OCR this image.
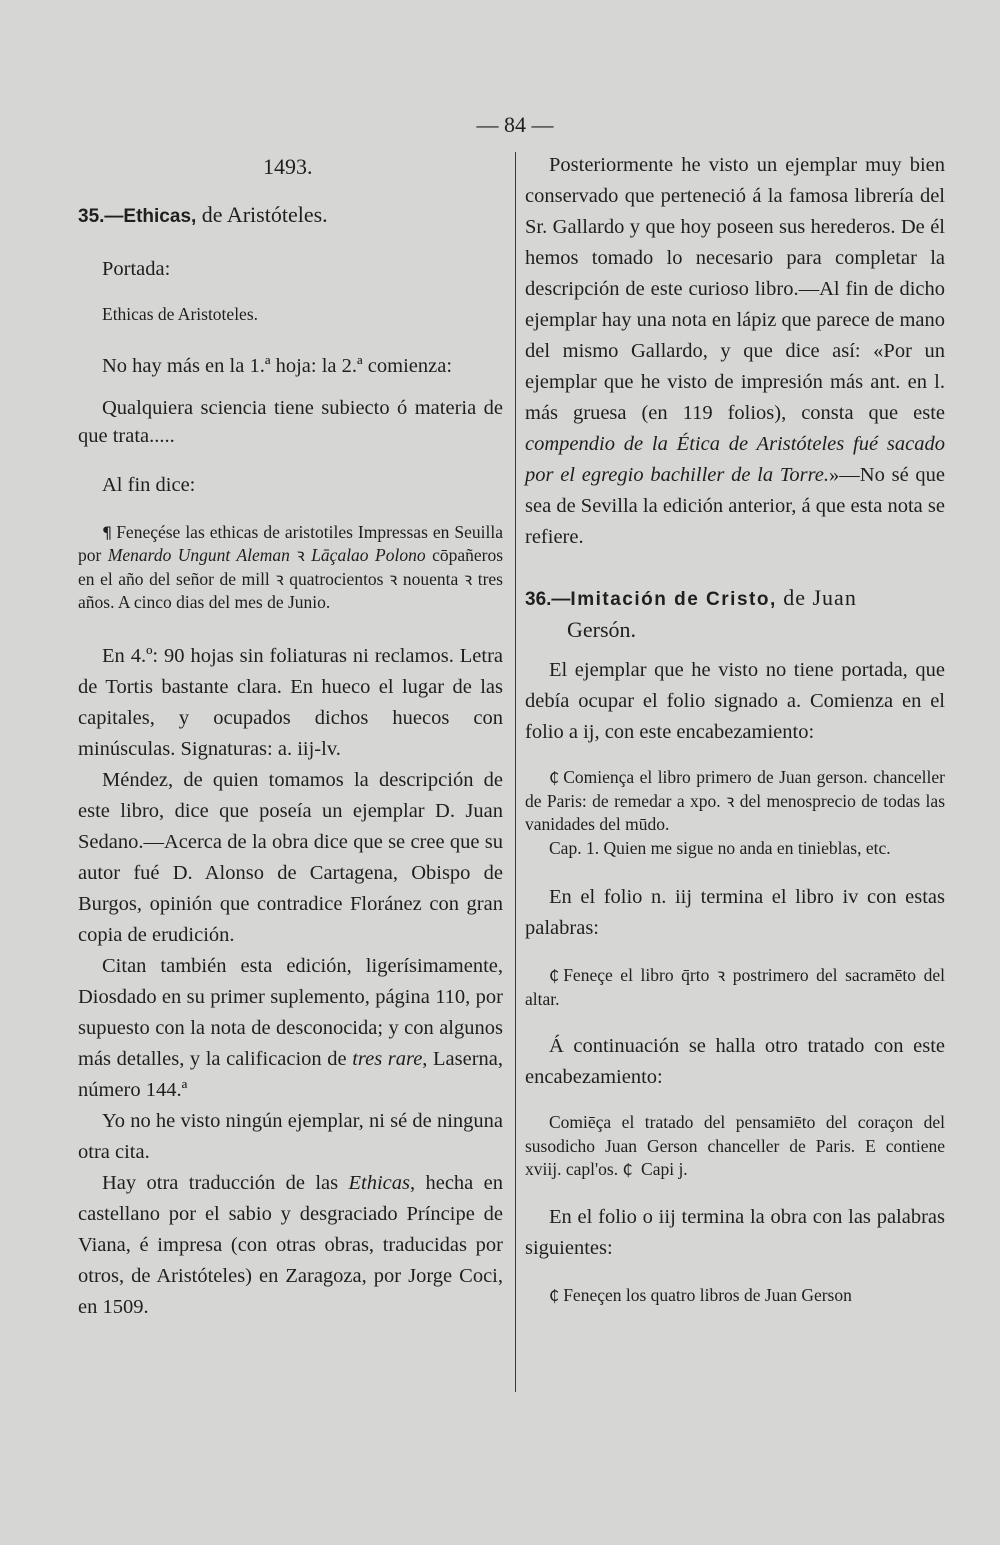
— 84 —
1493.
35.—Ethicas, de Aristóteles.

Portada:

Ethicas de Aristoteles.

No hay más en la 1.ª hoja: la 2.ª comienza:

Qualquiera sciencia tiene subiecto ó materia de que trata.....

Al fin dice:

¶ Feneçése las ethicas de aristotiles Impressas en Seuilla por Menardo Ungunt Aleman ꝛ Lāçalao Polono cōpañeros en el año del señor de mill ꝛ quatrocientos ꝛ nouenta ꝛ tres años. A cinco dias del mes de Junio.

En 4.º: 90 hojas sin foliaturas ni reclamos. Letra de Tortis bastante clara. En hueco el lugar de las capitales, y ocupados dichos huecos con minúsculas. Signaturas: a. iij-lv.

Méndez, de quien tomamos la descripción de este libro, dice que poseía un ejemplar D. Juan Sedano.—Acerca de la obra dice que se cree que su autor fué D. Alonso de Cartagena, Obispo de Burgos, opinión que contradice Floránez con gran copia de erudición.

Citan también esta edición, ligerísimamente, Diosdado en su primer suplemento, página 110, por supuesto con la nota de desconocida; y con algunos más detalles, y la calificacion de tres rare, Laserna, número 144.ª

Yo no he visto ningún ejemplar, ni sé de ninguna otra cita.

Hay otra traducción de las Ethicas, hecha en castellano por el sabio y desgraciado Príncipe de Viana, é impresa (con otras obras, traducidas por otros, de Aristóteles) en Zaragoza, por Jorge Coci, en 1509.

Posteriormente he visto un ejemplar muy bien conservado que perteneció á la famosa librería del Sr. Gallardo y que hoy poseen sus herederos. De él hemos tomado lo necesario para completar la descripción de este curioso libro.—Al fin de dicho ejemplar hay una nota en lápiz que parece de mano del mismo Gallardo, y que dice así: «Por un ejemplar que he visto de impresión más ant. en l. más gruesa (en 119 folios), consta que este compendio de la Ética de Aristóteles fué sacado por el egregio bachiller de la Torre.»—No sé que sea de Sevilla la edición anterior, á que esta nota se refiere.

36.—Imitación de Cristo, de Juan
Gersón.

El ejemplar que he visto no tiene portada, que debía ocupar el folio signado a. Comienza en el folio a ij, con este encabezamiento:

₵ Comiença el libro primero de Juan gerson. chanceller de Paris: de remedar a xpo. ꝛ del menosprecio de todas las vanidades del mūdo.

Cap. 1. Quien me sigue no anda en tinieblas, etc.

En el folio n. iij termina el libro iv con estas palabras:

₵ Feneçe el libro q̄rto ꝛ postrimero del sacramēto del altar.

Á continuación se halla otro tratado con este encabezamiento:

Comiēça el tratado del pensamiēto del coraçon del susodicho Juan Gerson chanceller de Paris. E contiene xviij. capl'os. ₵ Capi j.

En el folio o iij termina la obra con las palabras siguientes:

₵ Feneçen los quatro libros de Juan Gerson
